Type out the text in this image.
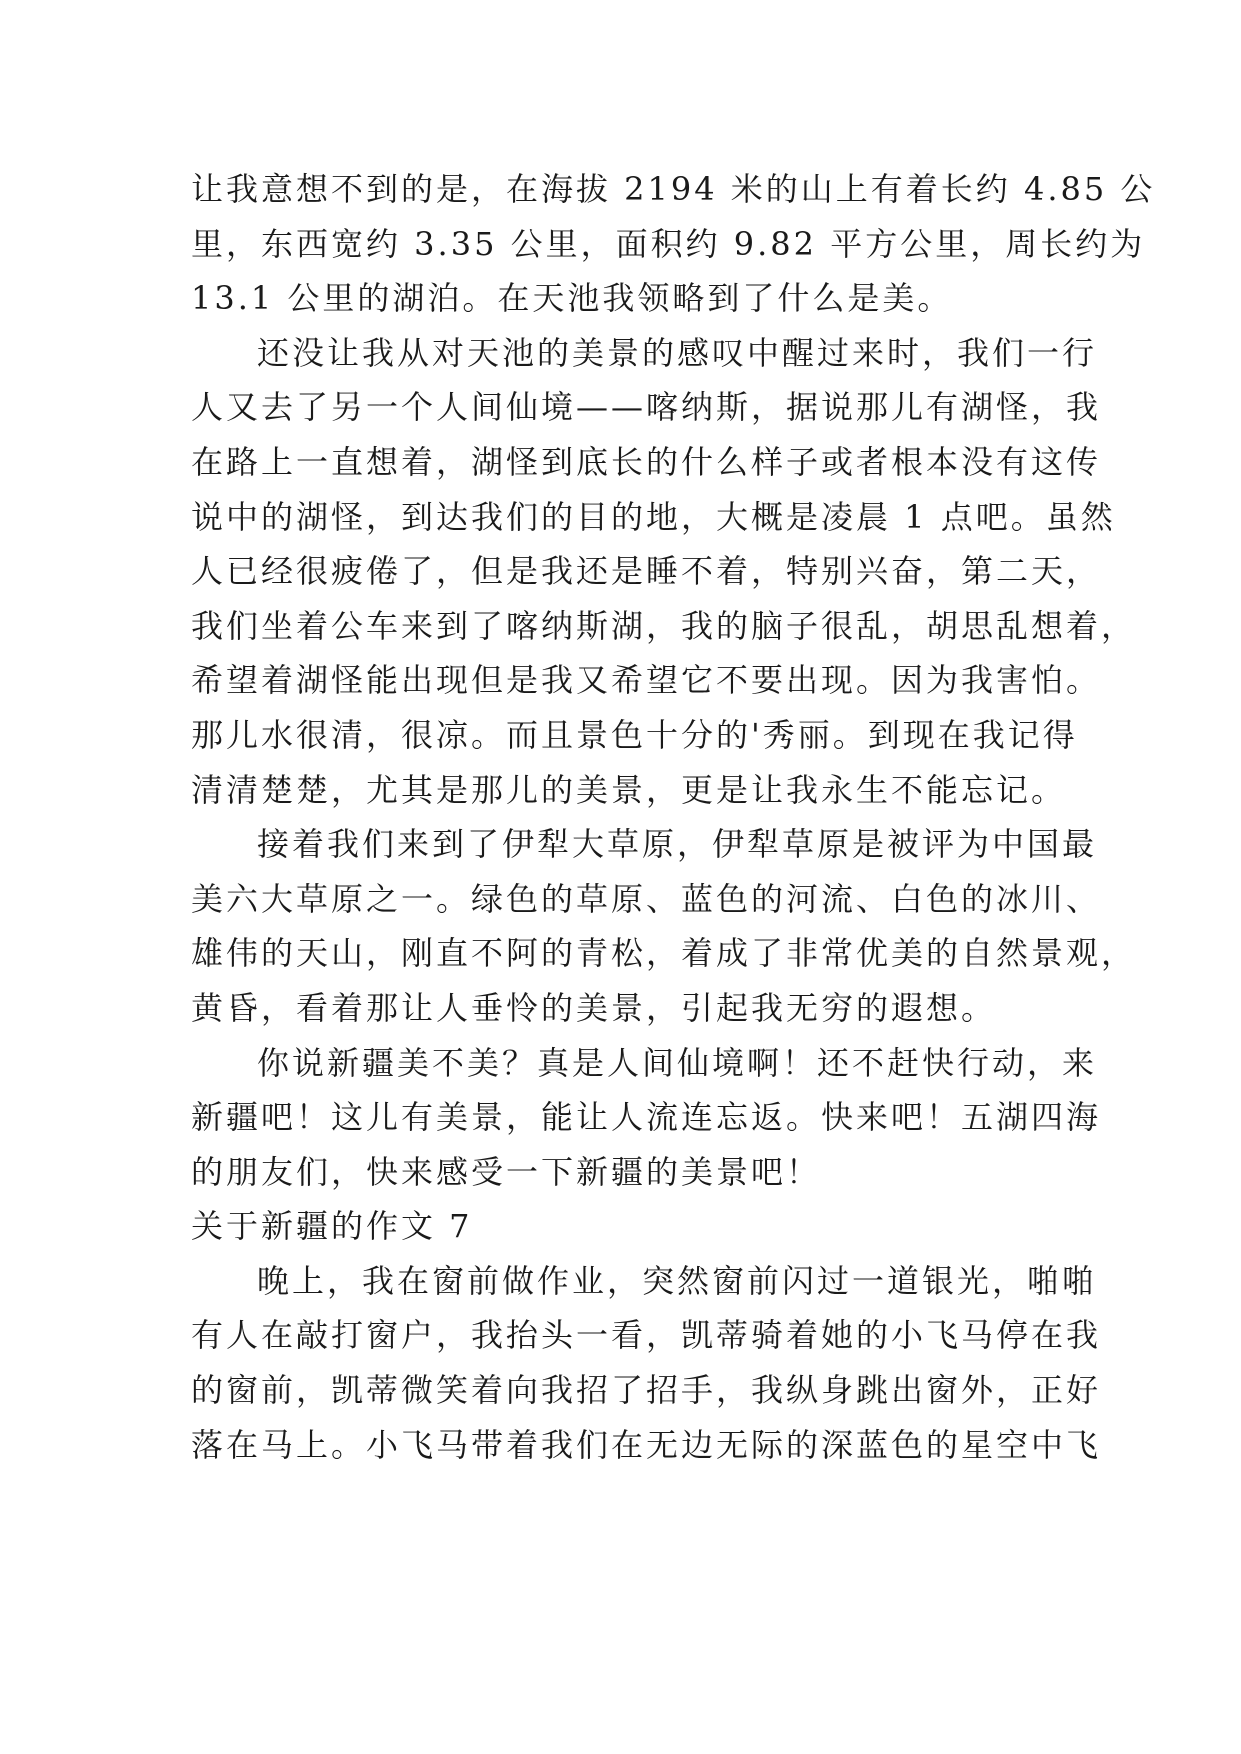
让我意想不到的是，在海拔 2194 米的山上有着长约 4.85 公
里，东西宽约 3.35 公里，面积约 9.82 平方公里，周长约为
13.1 公里的湖泊。在天池我领略到了什么是美。
还没让我从对天池的美景的感叹中醒过来时，我们一行
人又去了另一个人间仙境——喀纳斯，据说那儿有湖怪，我
在路上一直想着，湖怪到底长的什么样子或者根本没有这传
说中的湖怪，到达我们的目的地，大概是凌晨 1 点吧。虽然
人已经很疲倦了，但是我还是睡不着，特别兴奋，第二天，
我们坐着公车来到了喀纳斯湖，我的脑子很乱，胡思乱想着，
希望着湖怪能出现但是我又希望它不要出现。因为我害怕。
那儿水很清，很凉。而且景色十分的'秀丽。到现在我记得
清清楚楚，尤其是那儿的美景，更是让我永生不能忘记。
接着我们来到了伊犁大草原，伊犁草原是被评为中国最
美六大草原之一。绿色的草原、蓝色的河流、白色的冰川、
雄伟的天山，刚直不阿的青松，着成了非常优美的自然景观，
黄昏，看着那让人垂怜的美景，引起我无穷的遐想。
你说新疆美不美？真是人间仙境啊！还不赶快行动，来
新疆吧！这儿有美景，能让人流连忘返。快来吧！五湖四海
的朋友们，快来感受一下新疆的美景吧！
关于新疆的作文 7
晚上，我在窗前做作业，突然窗前闪过一道银光，啪啪
有人在敲打窗户，我抬头一看，凯蒂骑着她的小飞马停在我
的窗前，凯蒂微笑着向我招了招手，我纵身跳出窗外，正好
落在马上。小飞马带着我们在无边无际的深蓝色的星空中飞
